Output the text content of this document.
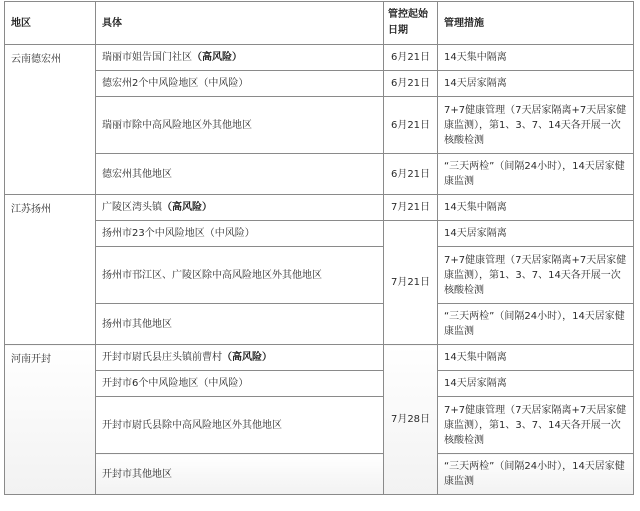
地区	具体	管控起始日期	管理措施
云南德宏州	瑞丽市姐告国门社区（高风险）	6月21日	14天集中隔离
	德宏州2个中风险地区（中风险）	6月21日	14天居家隔离
	瑞丽市除中高风险地区外其他地区	6月21日	7+7健康管理（7天居家隔离+7天居家健康监测），第1、3、7、14天各开展一次核酸检测
	德宏州其他地区	6月21日	“三天两检”（间隔24小时），14天居家健康监测
江苏扬州	广陵区湾头镇（高风险）	7月21日	14天集中隔离
	扬州市23个中风险地区（中风险）	7月21日	14天居家隔离
	扬州市邗江区、广陵区除中高风险地区外其他地区		7+7健康管理（7天居家隔离+7天居家健康监测），第1、3、7、14天各开展一次核酸检测
	扬州市其他地区		“三天两检”（间隔24小时），14天居家健康监测
河南开封	开封市尉氏县庄头镇前曹村（高风险）	7月28日	14天集中隔离
	开封市6个中风险地区（中风险）		14天居家隔离
	开封市尉氏县除中高风险地区外其他地区		7+7健康管理（7天居家隔离+7天居家健康监测），第1、3、7、14天各开展一次核酸检测
	开封市其他地区		“三天两检”（间隔24小时），14天居家健康监测
